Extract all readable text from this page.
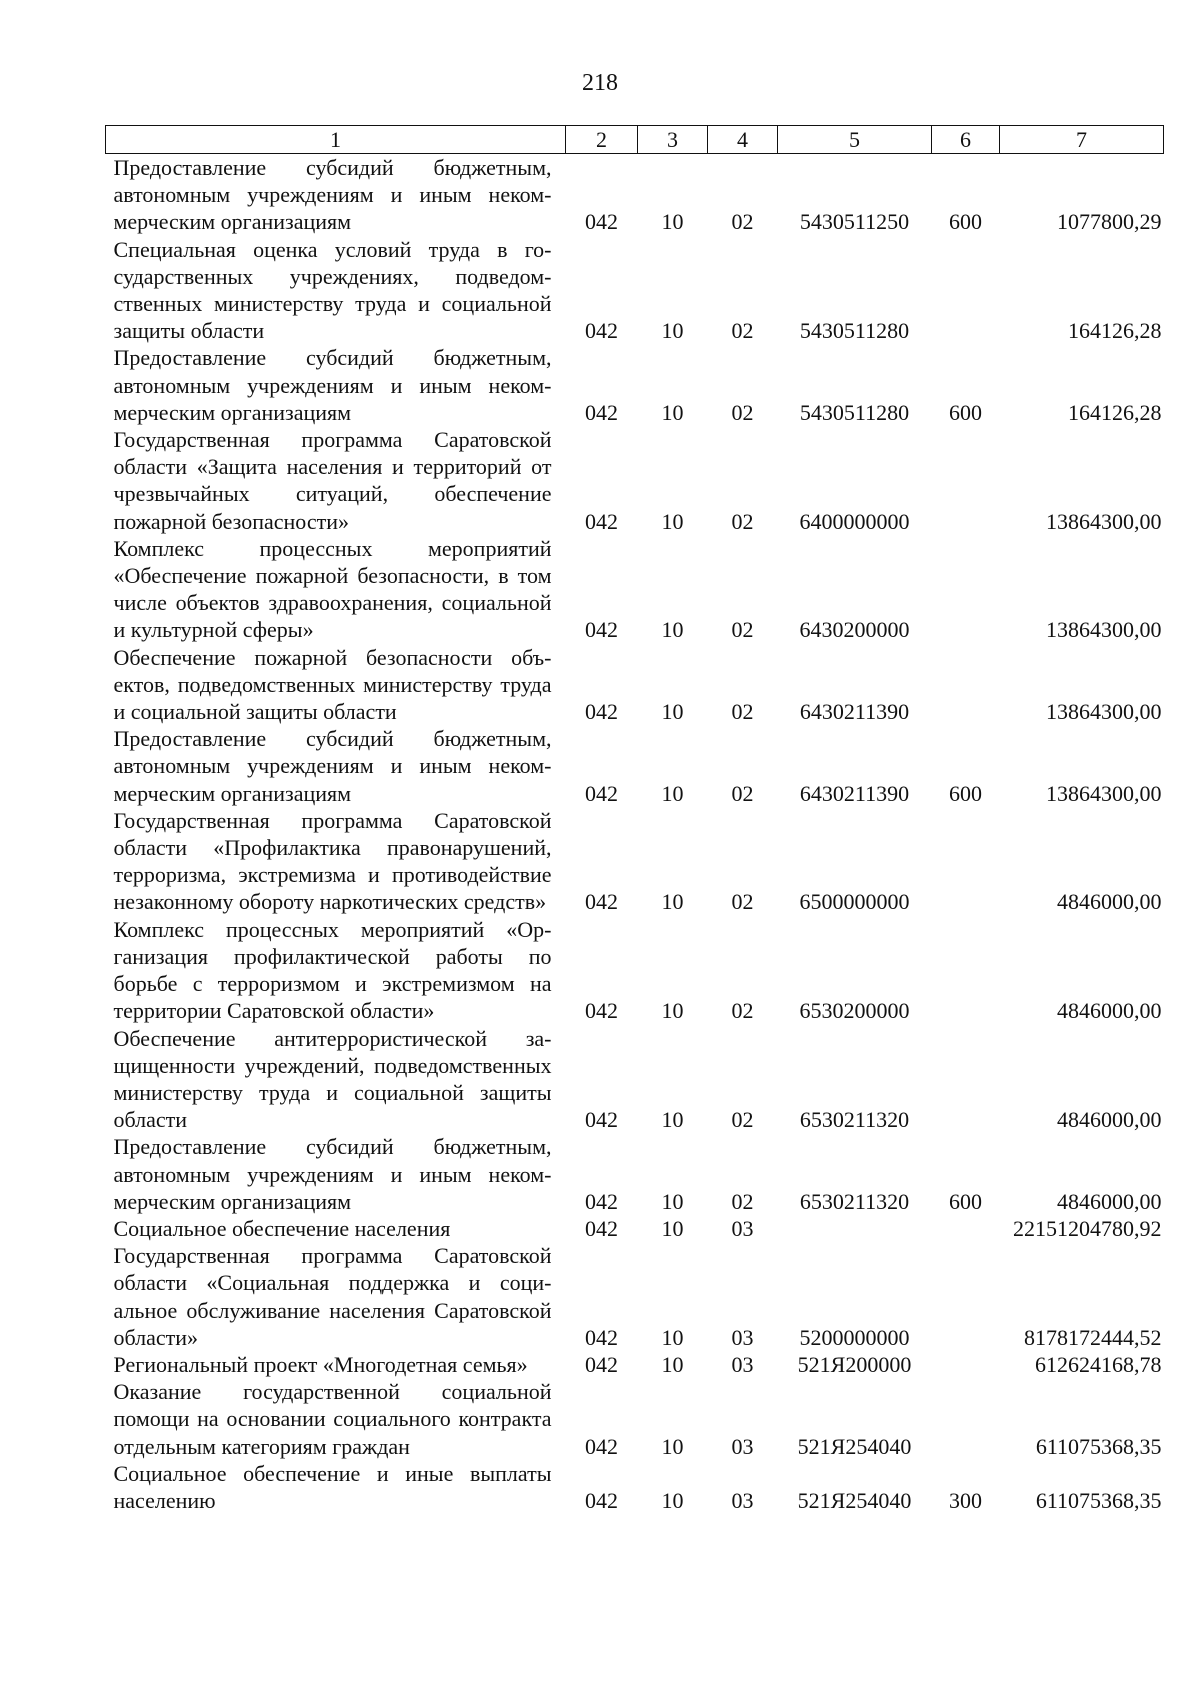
218
1	2	3	4	5	6	7
Предоставление субсидий бюджетным, автономным учреждениям и иным некоммерческим организациям	042	10	02	5430511250	600	1077800,29
Специальная оценка условий труда в государственных учреждениях, подведомственных министерству труда и социальной защиты области	042	10	02	5430511280		164126,28
Предоставление субсидий бюджетным, автономным учреждениям и иным некоммерческим организациям	042	10	02	5430511280	600	164126,28
Государственная программа Саратовской области «Защита населения и территорий от чрезвычайных ситуаций, обеспечение пожарной безопасности»	042	10	02	6400000000		13864300,00
Комплекс процессных мероприятий «Обеспечение пожарной безопасности, в том числе объектов здравоохранения, социальной и культурной сферы»	042	10	02	6430200000		13864300,00
Обеспечение пожарной безопасности объектов, подведомственных министерству труда и социальной защиты области	042	10	02	6430211390		13864300,00
Предоставление субсидий бюджетным, автономным учреждениям и иным некоммерческим организациям	042	10	02	6430211390	600	13864300,00
Государственная программа Саратовской области «Профилактика правонарушений, терроризма, экстремизма и противодействие незаконному обороту наркотических средств»	042	10	02	6500000000		4846000,00
Комплекс процессных мероприятий «Организация профилактической работы по борьбе с терроризмом и экстремизмом на территории Саратовской области»	042	10	02	6530200000		4846000,00
Обеспечение антитеррористической защищенности учреждений, подведомственных министерству труда и социальной защиты области	042	10	02	6530211320		4846000,00
Предоставление субсидий бюджетным, автономным учреждениям и иным некоммерческим организациям	042	10	02	6530211320	600	4846000,00
Социальное обеспечение населения	042	10	03			22151204780,92
Государственная программа Саратовской области «Социальная поддержка и социальное обслуживание населения Саратовской области»	042	10	03	5200000000		8178172444,52
Региональный проект «Многодетная семья»	042	10	03	521Я200000		612624168,78
Оказание государственной социальной помощи на основании социального контракта отдельным категориям граждан	042	10	03	521Я254040		611075368,35
Социальное обеспечение и иные выплаты населению	042	10	03	521Я254040	300	611075368,35
